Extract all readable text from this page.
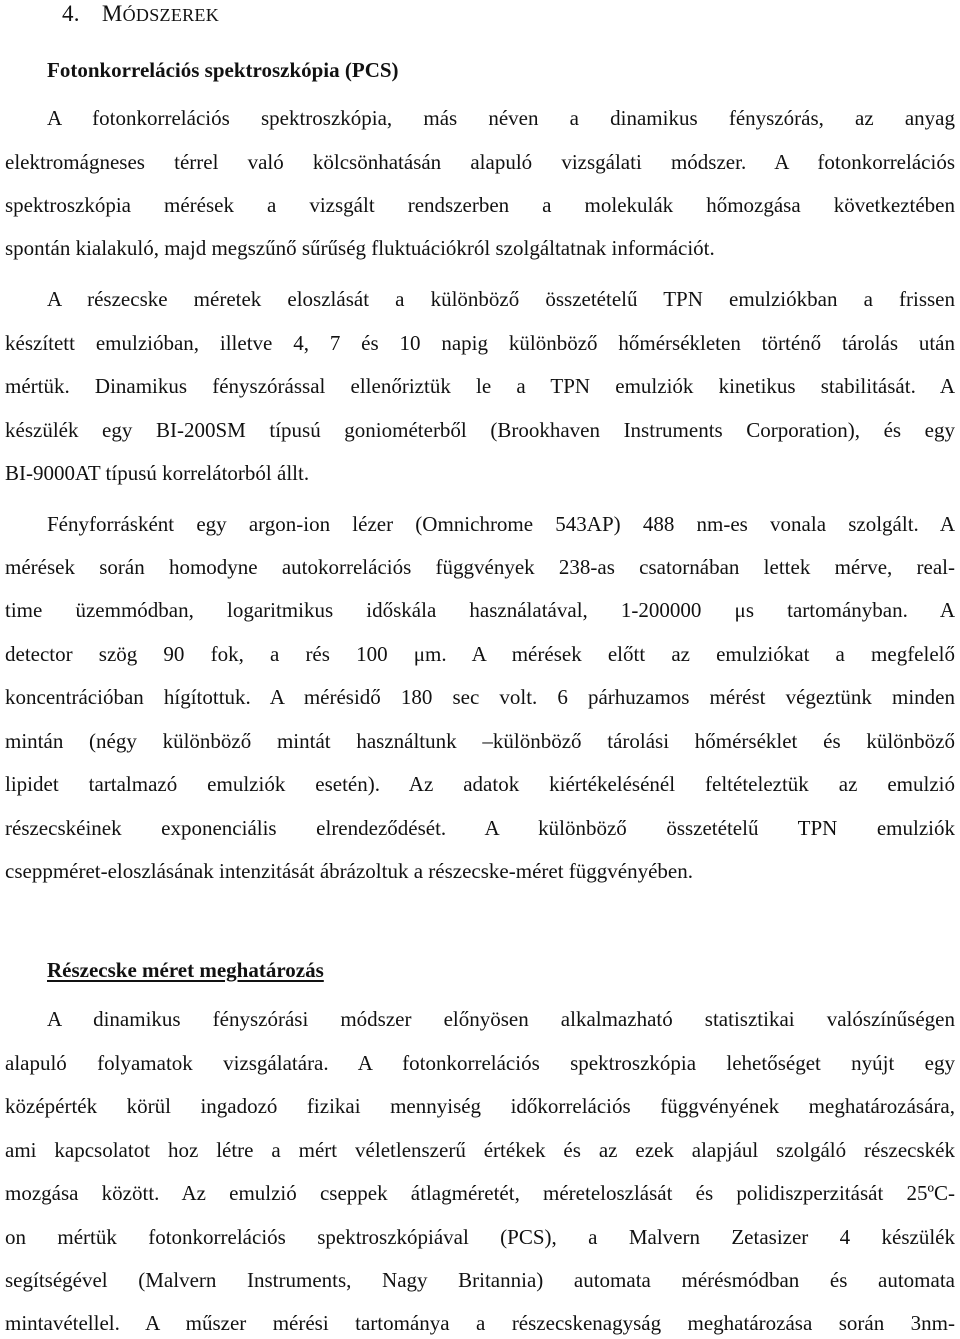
4. MÓDSZEREK
Fotonkorrelációs spektroszkópia (PCS)
A fotonkorrelációs spektroszkópia, más néven a dinamikus fényszórás, az anyag
elektromágneses térrel való kölcsönhatásán alapuló vizsgálati módszer. A fotonkorrelációs
spektroszkópia mérések a vizsgált rendszerben a molekulák hőmozgása következtében
spontán kialakuló, majd megszűnő sűrűség fluktuációkról szolgáltatnak információt.
A részecske méretek eloszlását a különböző összetételű TPN emulziókban a frissen
készített emulzióban, illetve 4, 7 és 10 napig különböző hőmérsékleten történő tárolás után
mértük. Dinamikus fényszórással ellenőriztük le a TPN emulziók kinetikus stabilitását. A
készülék egy BI-200SM típusú goniométerből (Brookhaven Instruments Corporation), és egy
BI-9000AT típusú korrelátorból állt.
Fényforrásként egy argon-ion lézer (Omnichrome 543AP) 488 nm-es vonala szolgált. A
mérések során homodyne autokorrelációs függvények 238-as csatornában lettek mérve, real-
time üzemmódban, logaritmikus időskála használatával, 1-200000 μs tartományban. A
detector szög 90 fok, a rés 100 μm. A mérések előtt az emulziókat a megfelelő
koncentrációban hígítottuk. A mérésidő 180 sec volt. 6 párhuzamos mérést végeztünk minden
mintán (négy különböző mintát használtunk –különböző tárolási hőmérséklet és különböző
lipidet tartalmazó emulziók esetén). Az adatok kiértékelésénél feltételeztük az emulzió
részecskéinek exponenciális elrendeződését. A különböző összetételű TPN emulziók
cseppméret-eloszlásának intenzitását ábrázoltuk a részecske-méret függvényében.
Részecske méret meghatározás
A dinamikus fényszórási módszer előnyösen alkalmazható statisztikai valószínűségen
alapuló folyamatok vizsgálatára. A fotonkorrelációs spektroszkópia lehetőséget nyújt egy
középérték körül ingadozó fizikai mennyiség időkorrelációs függvényének meghatározására,
ami kapcsolatot hoz létre a mért véletlenszerű értékek és az ezek alapjául szolgáló részecskék
mozgása között. Az emulzió cseppek átlagméretét, méreteloszlását és polidiszperzitását 25ºC-
on mértük fotonkorrelációs spektroszkópiával (PCS), a Malvern Zetasizer 4 készülék
segítségével (Malvern Instruments, Nagy Britannia) automata mérésmódban és automata
mintavétellel. A műszer mérési tartománya a részecskenagyság meghatározása során 3nm-
